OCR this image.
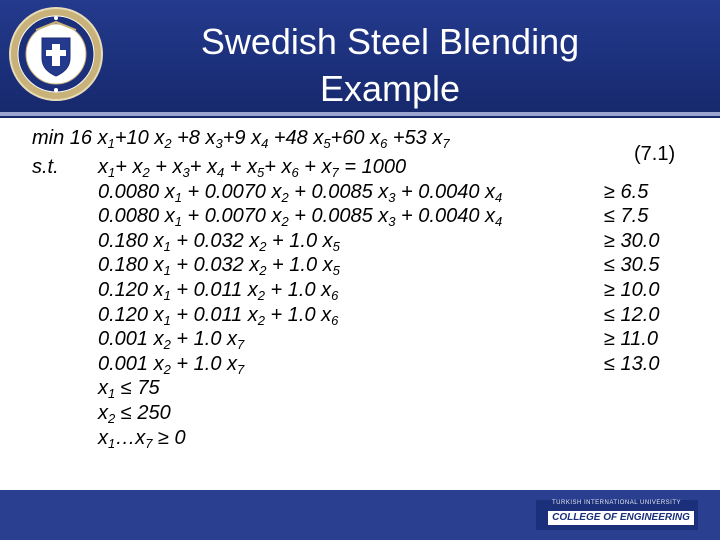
Swedish Steel Blending
Example
min 16 $x_1+10$ $x_2 +8$ $x_3+9$ $x_4 +48$ $x_5+60$ $x_6 +53$ $x_7$	(7.1)
s.t. $x_1+ x_2 + x_3+ x_4 + x_5+ x_6 + x_7 = 1000$
0.0080 $x_1 + 0.0070$ $x_2 + 0.0085$ $x_3 + 0.0040$ $x_4$	≥ 6.5
0.0080 $x_1 + 0.0070$ $x_2 + 0.0085$ $x_3 + 0.0040$ $x_4$	≤ 7.5
0.180 $x_1 + 0.032$ $x_2 + 1.0$ $x_5$	≥ 30.0
0.180 $x_1 + 0.032$ $x_2 + 1.0$ $x_5$	≤ 30.5
0.120 $x_1 + 0.011$ $x_2 + 1.0$ $x_6$	≥ 10.0
0.120 $x_1 + 0.011$ $x_2 + 1.0$ $x_6$	≤ 12.0
0.001 $x_2 + 1.0$ $x_7$	≥ 11.0
0.001 $x_2 + 1.0$ $x_7$	≤ 13.0
$x_1 \le 75$
$x_2 \le 250$
$x_1\dots x_7 \ge 0$
TURKISH INTERNATIONAL UNIVERSITY
COLLEGE OF ENGINEERING
